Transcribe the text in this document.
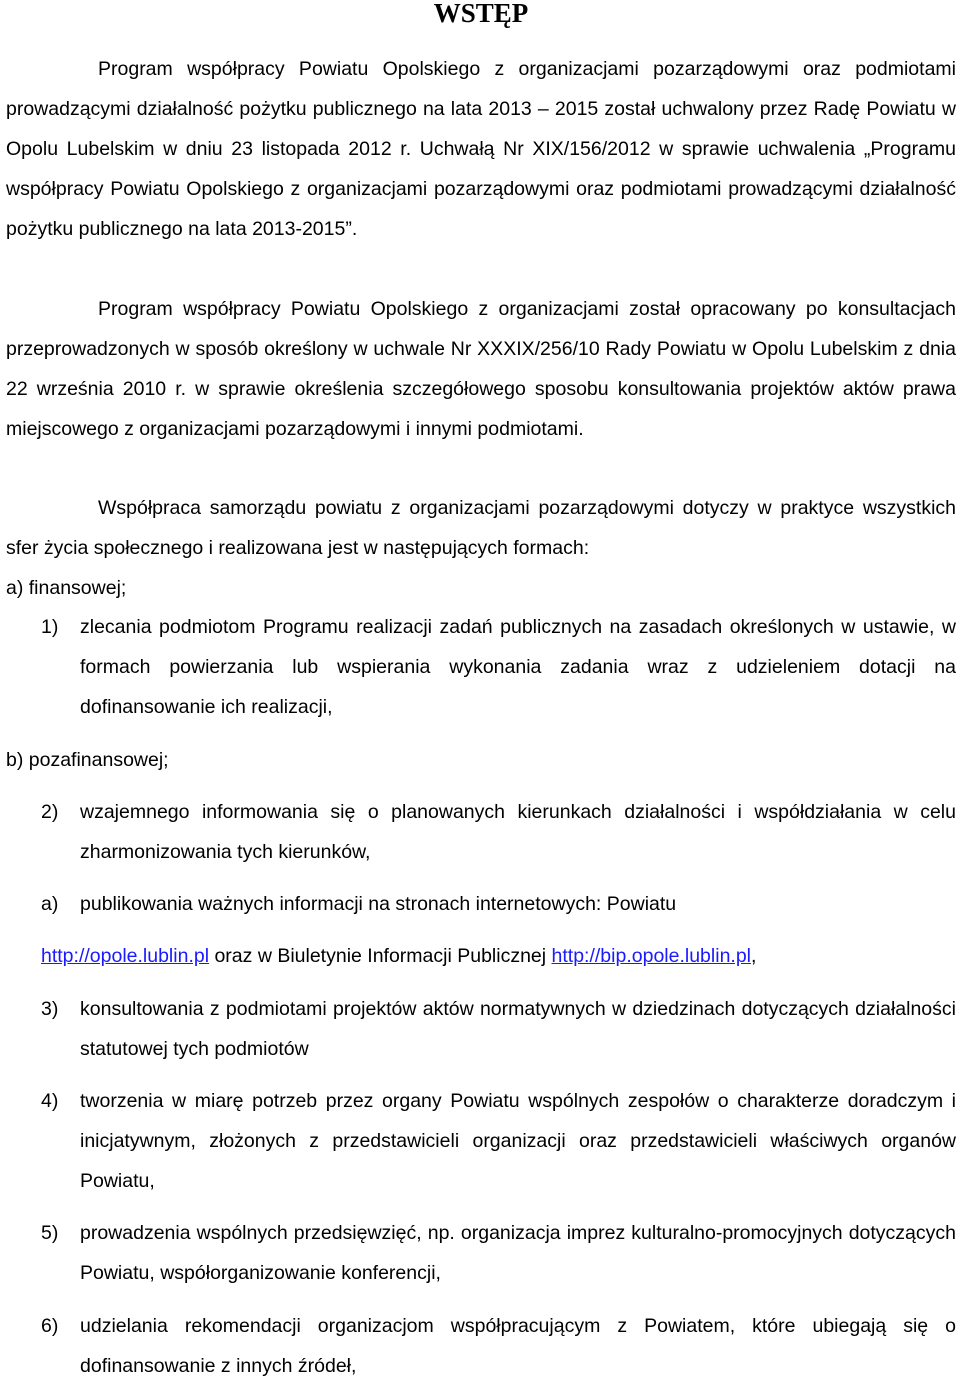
WSTĘP

Program współpracy Powiatu Opolskiego z organizacjami pozarządowymi oraz podmiotami prowadzącymi działalność pożytku publicznego na lata 2013 – 2015 został uchwalony przez Radę Powiatu w Opolu Lubelskim w dniu 23 listopada 2012 r. Uchwałą Nr XIX/156/2012 w sprawie uchwalenia „Programu współpracy Powiatu Opolskiego z organizacjami pozarządowymi oraz podmiotami prowadzącymi działalność pożytku publicznego na lata 2013-2015”.

Program współpracy Powiatu Opolskiego z organizacjami został opracowany po konsultacjach przeprowadzonych w sposób określony w uchwale Nr XXXIX/256/10 Rady Powiatu w Opolu Lubelskim z dnia 22 września 2010 r. w sprawie określenia szczegółowego sposobu konsultowania projektów aktów prawa miejscowego z organizacjami pozarządowymi i innymi podmiotami.

Współpraca samorządu powiatu z organizacjami pozarządowymi dotyczy w praktyce wszystkich sfer życia społecznego i realizowana jest w następujących formach:

a) finansowej;

1) zlecania podmiotom Programu realizacji zadań publicznych na zasadach określonych w ustawie, w formach powierzania lub wspierania wykonania zadania wraz z udzieleniem dotacji na dofinansowanie ich realizacji,

b) pozafinansowej;

2) wzajemnego informowania się o planowanych kierunkach działalności i współdziałania w celu zharmonizowania tych kierunków,
a) publikowania ważnych informacji na stronach internetowych: Powiatu

http://opole.lublin.pl oraz w Biuletynie Informacji Publicznej http://bip.opole.lublin.pl,

3) konsultowania z podmiotami projektów aktów normatywnych w dziedzinach dotyczących działalności statutowej tych podmiotów
4) tworzenia w miarę potrzeb przez organy Powiatu wspólnych zespołów o charakterze doradczym i inicjatywnym, złożonych z przedstawicieli organizacji oraz przedstawicieli właściwych organów Powiatu,
5) prowadzenia wspólnych przedsięwzięć, np. organizacja imprez kulturalno-promocyjnych dotyczących Powiatu, współorganizowanie konferencji,
6) udzielania rekomendacji organizacjom współpracującym z Powiatem, które ubiegają się o dofinansowanie z innych źródeł,
